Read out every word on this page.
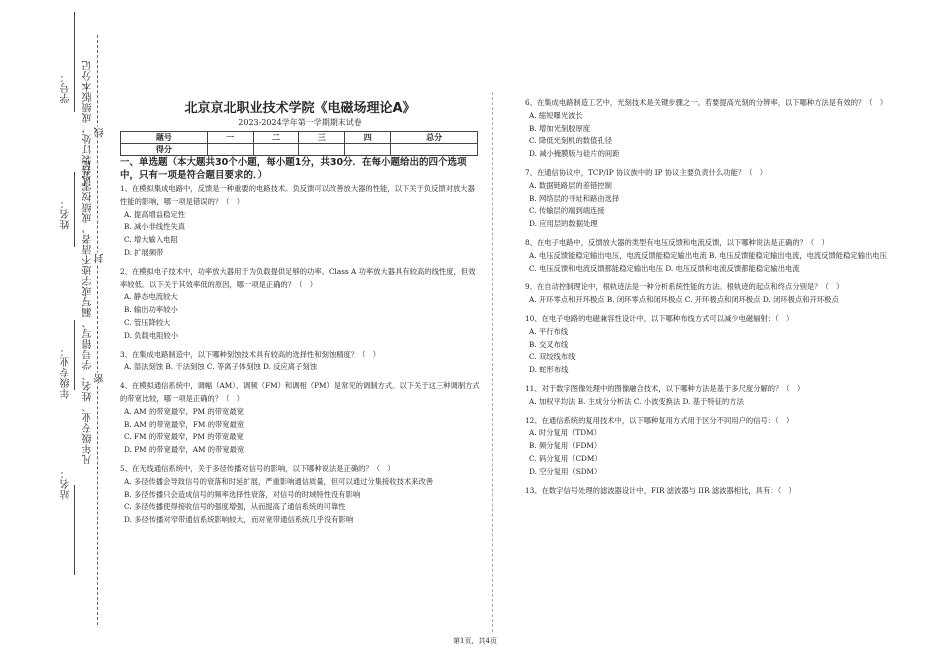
学号：
姓名：
年级专业：
站名：
试卷装订处，成绩版本分记
凡年级专业、姓名、学号错写、漏写或字迹不清者，成绩按零分记
线
封
密
北京京北职业技术学院《电磁场理论A》
2023-2024学年第一学期期末试卷
题号	一	二	三	四	总分
得分					
一、单选题（本大题共30个小题，每小题1分，共30分．在每小题给出的四个选项中，只有一项是符合题目要求的．）
1、在模拟集成电路中，反馈是一种重要的电路技术。负反馈可以改善放大器的性能，以下关于负反馈对放大器性能的影响，哪一项是错误的？（　）
A. 提高增益稳定性
B. 减小非线性失真
C. 增大输入电阻
D. 扩展频带
2、在模拟电子技术中，功率放大器用于为负载提供足够的功率。Class A 功率放大器具有较高的线性度，但效率较低。以下关于其效率低的原因，哪一项是正确的？（　）
A. 静态电流较大
B. 输出功率较小
C. 管压降较大
D. 负载电阻较小
3、在集成电路制造中，以下哪种刻蚀技术具有较高的选择性和刻蚀精度？（　）
A. 湿法刻蚀 B. 干法刻蚀 C. 等离子体刻蚀 D. 反应离子刻蚀
4、在模拟通信系统中，调幅（AM）、调频（FM）和调相（PM）是常见的调制方式。以下关于这三种调制方式的带宽比较，哪一项是正确的？（　）
A. AM 的带宽最窄，PM 的带宽最宽
B. AM 的带宽最窄，FM 的带宽最宽
C. FM 的带宽最窄，PM 的带宽最宽
D. PM 的带宽最窄，AM 的带宽最宽
5、在无线通信系统中，关于多径传播对信号的影响，以下哪种说法是正确的？（　）
A. 多径传播会导致信号的衰落和时延扩展，严重影响通信质量，但可以通过分集接收技术来改善
B. 多径传播只会造成信号的频率选择性衰落，对信号的时域特性没有影响
C. 多径传播使得接收信号的强度增强，从而提高了通信系统的可靠性
D. 多径传播对窄带通信系统影响较大，而对宽带通信系统几乎没有影响
6、在集成电路制造工艺中，光刻技术是关键步骤之一。若要提高光刻的分辨率，以下哪种方法是有效的？（　）
A. 缩短曝光波长
B. 增加光刻胶厚度
C. 降低光刻机的数值孔径
D. 减小掩膜版与硅片的间距
7、在通信协议中，TCP/IP 协议族中的 IP 协议主要负责什么功能？（　）
A. 数据链路层的差错控制
B. 网络层的寻址和路由选择
C. 传输层的端到端连接
D. 应用层的数据处理
8、在电子电路中，反馈放大器的类型有电压反馈和电流反馈，以下哪种说法是正确的？（　）
A. 电压反馈能稳定输出电压，电流反馈能稳定输出电流 B. 电压反馈能稳定输出电流，电流反馈能稳定输出电压 C. 电压反馈和电流反馈都能稳定输出电压 D. 电压反馈和电流反馈都能稳定输出电流
9、在自动控制理论中，根轨迹法是一种分析系统性能的方法。根轨迹的起点和终点分别是？（　）
A. 开环零点和开环极点 B. 闭环零点和闭环极点 C. 开环极点和闭环极点 D. 闭环极点和开环极点
10、在电子电路的电磁兼容性设计中，以下哪种布线方式可以减少电磁辐射：（　）
A. 平行布线
B. 交叉布线
C. 双绞线布线
D. 蛇形布线
11、对于数字图像处理中的图像融合技术，以下哪种方法是基于多尺度分解的？（　）
A. 加权平均法 B. 主成分分析法 C. 小波变换法 D. 基于特征的方法
12、在通信系统的复用技术中，以下哪种复用方式用于区分不同用户的信号：（　）
A. 时分复用（TDM）
B. 频分复用（FDM）
C. 码分复用（CDM）
D. 空分复用（SDM）
13、在数字信号处理的滤波器设计中，FIR 滤波器与 IIR 滤波器相比，具有：（　）
第1页，共4页
